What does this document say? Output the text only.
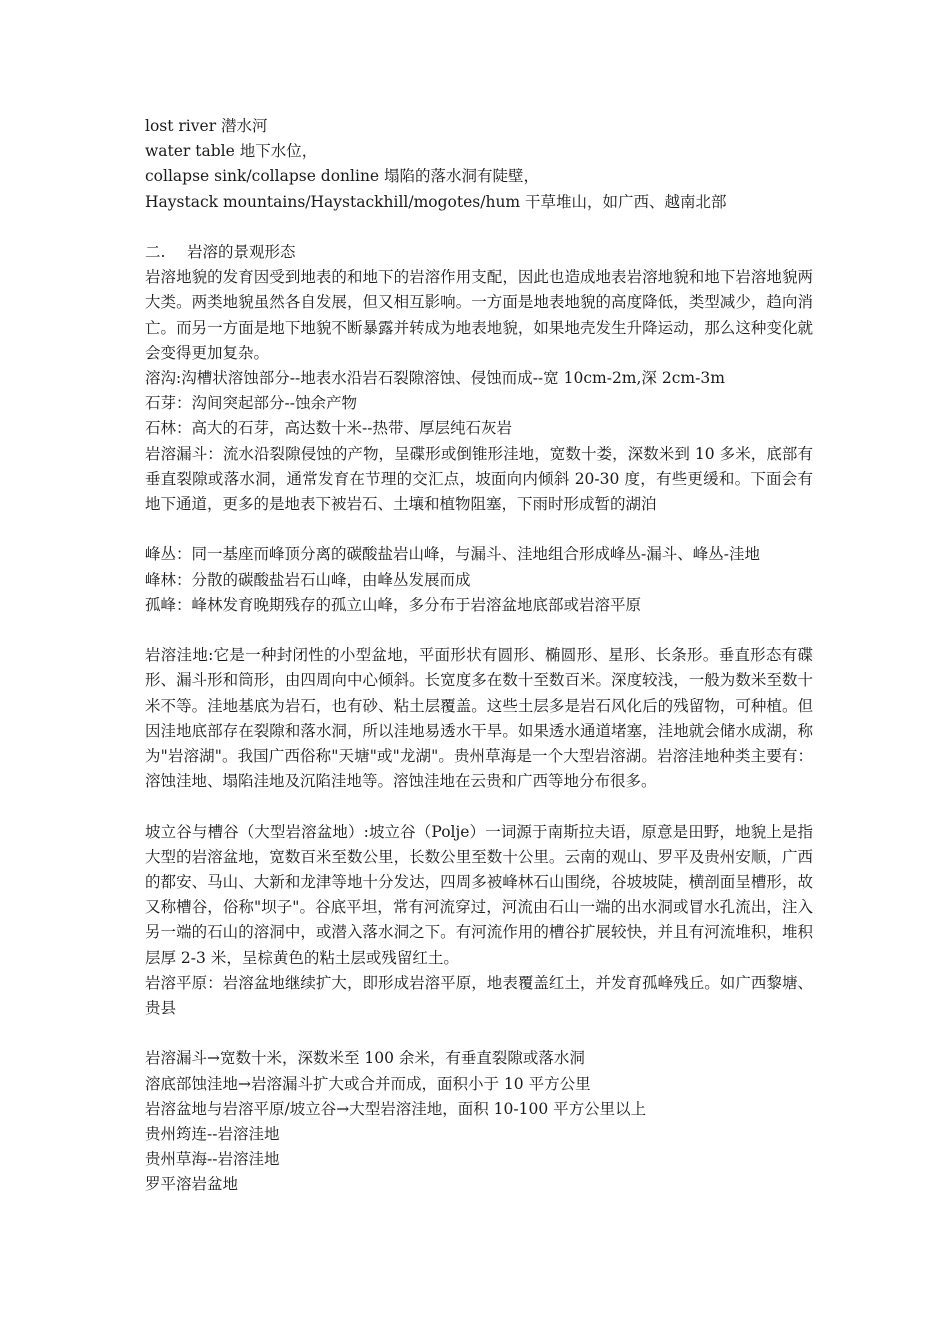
lost river 潜水河

water table 地下水位，

collapse sink/collapse donline 塌陷的落水洞有陡壁，

Haystack mountains/Haystackhill/mogotes/hum 干草堆山，如广西、越南北部

二. 岩溶的景观形态

岩溶地貌的发育因受到地表的和地下的岩溶作用支配，因此也造成地表岩溶地貌和地下岩溶地貌两大类。两类地貌虽然各自发展，但又相互影响。一方面是地表地貌的高度降低，类型减少，趋向消亡。而另一方面是地下地貌不断暴露并转成为地表地貌，如果地壳发生升降运动，那么这种变化就会变得更加复杂。

溶沟:沟槽状溶蚀部分--地表水沿岩石裂隙溶蚀、侵蚀而成--宽 10cm-2m,深 2cm-3m

石芽：沟间突起部分--蚀余产物

石林：高大的石芽，高达数十米--热带、厚层纯石灰岩

岩溶漏斗：流水沿裂隙侵蚀的产物，呈碟形或倒锥形洼地，宽数十娄，深数米到 10 多米，底部有垂直裂隙或落水洞，通常发育在节理的交汇点，坡面向内倾斜 20-30 度，有些更缓和。下面会有地下通道，更多的是地表下被岩石、土壤和植物阻塞，下雨时形成暂的湖泊

峰丛：同一基座而峰顶分离的碳酸盐岩山峰，与漏斗、洼地组合形成峰丛-漏斗、峰丛-洼地

峰林：分散的碳酸盐岩石山峰，由峰丛发展而成

孤峰：峰林发育晚期残存的孤立山峰，多分布于岩溶盆地底部或岩溶平原

岩溶洼地:它是一种封闭性的小型盆地，平面形状有圆形、椭圆形、星形、长条形。垂直形态有碟形、漏斗形和筒形，由四周向中心倾斜。长宽度多在数十至数百米。深度较浅，一般为数米至数十米不等。洼地基底为岩石，也有砂、粘土层覆盖。这些土层多是岩石风化后的残留物，可种植。但因洼地底部存在裂隙和落水洞，所以洼地易透水干旱。如果透水通道堵塞，洼地就会储水成湖，称为"岩溶湖"。我国广西俗称"天塘"或"龙湖"。贵州草海是一个大型岩溶湖。岩溶洼地种类主要有：溶蚀洼地、塌陷洼地及沉陷洼地等。溶蚀洼地在云贵和广西等地分布很多。

坡立谷与槽谷（大型岩溶盆地）:坡立谷（Polje）一词源于南斯拉夫语，原意是田野，地貌上是指大型的岩溶盆地，宽数百米至数公里，长数公里至数十公里。云南的观山、罗平及贵州安顺，广西的都安、马山、大新和龙津等地十分发达，四周多被峰林石山围绕，谷坡坡陡，横剖面呈槽形，故又称槽谷，俗称"坝子"。谷底平坦，常有河流穿过，河流由石山一端的出水洞或冒水孔流出，注入另一端的石山的溶洞中，或潜入落水洞之下。有河流作用的槽谷扩展较快，并且有河流堆积，堆积层厚 2-3 米，呈棕黄色的粘土层或残留红土。

岩溶平原：岩溶盆地继续扩大，即形成岩溶平原，地表覆盖红土，并发育孤峰残丘。如广西黎塘、贵县

岩溶漏斗→宽数十米，深数米至 100 余米，有垂直裂隙或落水洞

溶底部蚀洼地→岩溶漏斗扩大或合并而成，面积小于 10 平方公里

岩溶盆地与岩溶平原/坡立谷→大型岩溶洼地，面积 10-100 平方公里以上

贵州筠连--岩溶洼地

贵州草海--岩溶洼地

罗平溶岩盆地
